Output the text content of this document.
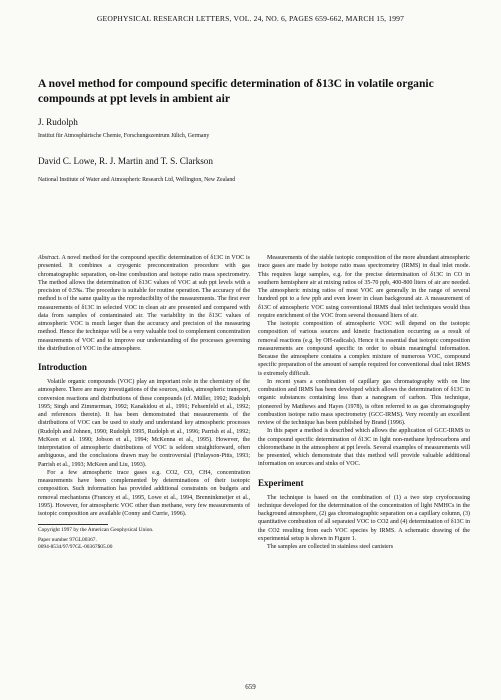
GEOPHYSICAL RESEARCH LETTERS, VOL. 24, NO. 6, PAGES 659-662, MARCH 15, 1997
A novel method for compound specific determination of δ13C in volatile organic compounds at ppt levels in ambient air

J. Rudolph

Institut für Atmosphärische Chemie, Forschungszentrum Jülich, Germany

David C. Lowe, R. J. Martin and T. S. Clarkson

National Institute of Water and Atmospheric Research Ltd, Wellington, New Zealand

Abstract. A novel method for the compound specific determination of δ13C in VOC is presented. It combines a cryogenic preconcentration procedure with gas chromatographic separation, on-line combustion and isotope ratio mass spectrometry. The method allows the determination of δ13C values of VOC at sub ppt levels with a precision of 0.5‰. The procedure is suitable for routine operation. The accuracy of the method is of the same quality as the reproducibility of the measurements. The first ever measurements of δ13C in selected VOC in clean air are presented and compared with data from samples of contaminated air. The variability in the δ13C values of atmospheric VOC is much larger than the accuracy and precision of the measuring method. Hence the technique will be a very valuable tool to complement concentration measurements of VOC and to improve our understanding of the processes governing the distribution of VOC in the atmosphere.

Introduction

Volatile organic compounds (VOC) play an important role in the chemistry of the atmosphere. There are many investigations of the sources, sinks, atmospheric transport, conversion reactions and distributions of these compounds (cf. Müller, 1992; Rudolph 1995; Singh and Zimmerman, 1992; Kanakidou et al., 1991; Fehsenfeld et al., 1992; and references therein). It has been demonstrated that measurements of the distributions of VOC can be used to study and understand key atmospheric processes (Rudolph and Johnen, 1990; Rudolph 1995, Rudolph et al., 1996; Parrish et al., 1992; McKeen et al. 1990; Jobson et al., 1994; McKenna et al., 1995). However, the interpretation of atmospheric distributions of VOC is seldom straightforward, often ambiguous, and the conclusions drawn may be controversial (Finlayson-Pitts, 1993; Parrish et al., 1993; McKeen and Liu, 1993).

For a few atmospheric trace gases e.g. CO2, CO, CH4, concentration measurements have been complemented by determinations of their isotopic composition. Such information has provided additional constraints on budgets and removal mechanisms (Francey et al., 1995, Lowe et al., 1994, Brenninkmeijer et al., 1995). However, for atmospheric VOC other than methane, very few measurements of isotopic composition are available (Conny and Currie, 1996).

Copyright 1997 by the American Geophysical Union.

Paper number 97GL00367.

0094-8534/97/97GL-00367$05.00

Measurements of the stable isotopic composition of the more abundant atmospheric trace gases are made by isotope ratio mass spectrometry (IRMS) in dual inlet mode. This requires large samples, e.g. for the precise determination of δ13C in CO in southern hemisphere air at mixing ratios of 35-70 ppb, 400-800 liters of air are needed. The atmospheric mixing ratios of most VOC are generally in the range of several hundred ppt to a few ppb and even lower in clean background air. A measurement of δ13C of atmospheric VOC using conventional IRMS dual inlet techniques would thus require enrichment of the VOC from several thousand liters of air.

The isotopic composition of atmospheric VOC will depend on the isotopic composition of various sources and kinetic fractionation occurring as a result of removal reactions (e.g. by OH-radicals). Hence it is essential that isotopic composition measurements are compound specific in order to obtain meaningful information. Because the atmosphere contains a complex mixture of numerous VOC, compound specific preparation of the amount of sample required for conventional dual inlet IRMS is extremely difficult.

In recent years a combination of capillary gas chromatography with on line combustion and IRMS has been developed which allows the determination of δ13C in organic substances containing less than a nanogram of carbon. This technique, pioneered by Matthews and Hayes (1978), is often referred to as gas chromatography combustion isotope ratio mass spectrometry (GCC-IRMS). Very recently an excellent review of the technique has been published by Brand (1996).

In this paper a method is described which allows the application of GCC-IRMS to the compound specific determination of δ13C in light non-methane hydrocarbons and chloromethane in the atmosphere at ppt levels. Several examples of measurements will be presented, which demonstrate that this method will provide valuable additional information on sources and sinks of VOC.

Experiment

The technique is based on the combination of (1) a two step cryofocussing technique developed for the determination of the concentration of light NMHCs in the background atmosphere, (2) gas chromatographic separation on a capillary column, (3) quantitative combustion of all separated VOC to CO2 and (4) determination of δ13C in the CO2 resulting from each VOC species by IRMS. A schematic drawing of the experimental setup is shown in Figure 1.

The samples are collected in stainless steel canisters

659
